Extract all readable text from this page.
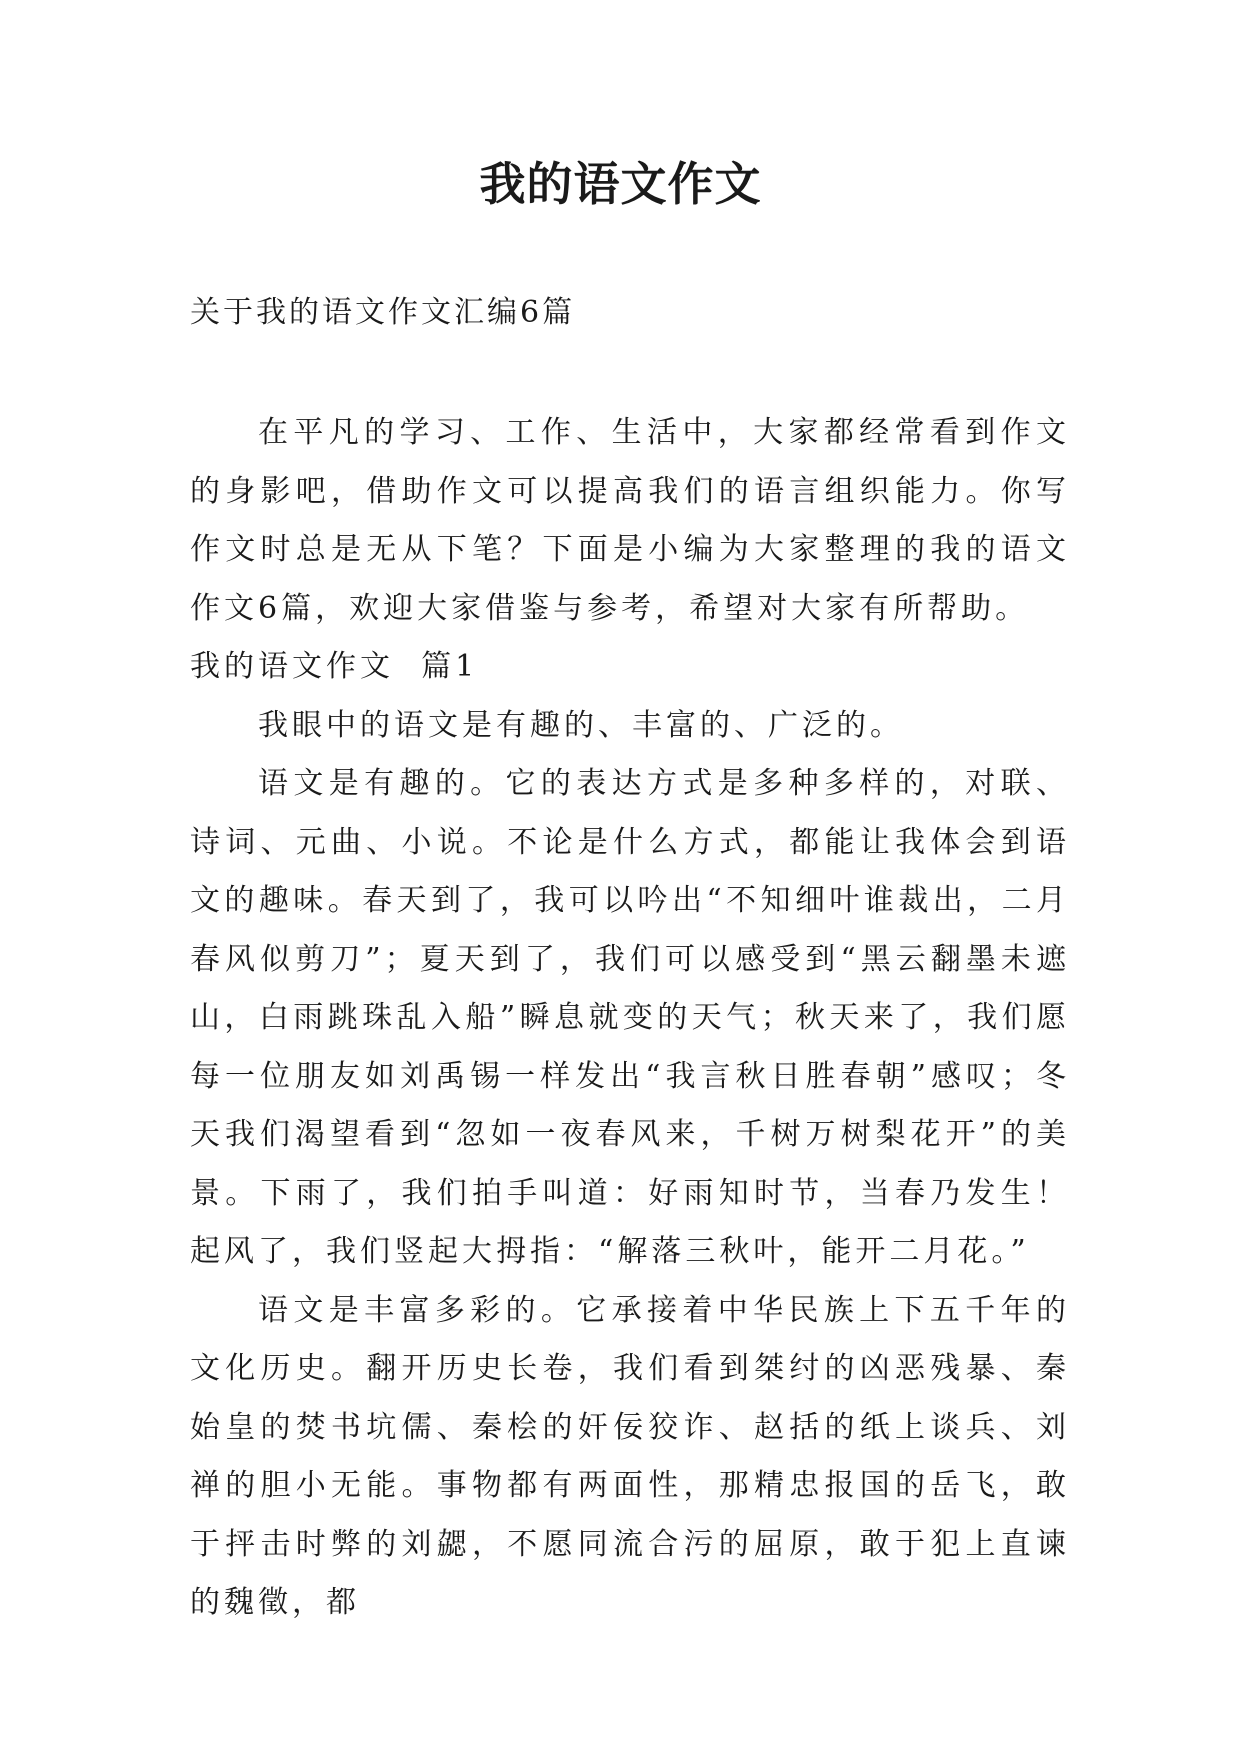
我的语文作文
关于我的语文作文汇编6篇

在平凡的学习、工作、生活中，大家都经常看到作文的身影吧，借助作文可以提高我们的语言组织能力。你写作文时总是无从下笔？下面是小编为大家整理的我的语文作文6篇，欢迎大家借鉴与参考，希望对大家有所帮助。

我的语文作文  篇1

我眼中的语文是有趣的、丰富的、广泛的。

语文是有趣的。它的表达方式是多种多样的，对联、诗词、元曲、小说。不论是什么方式，都能让我体会到语文的趣味。春天到了，我可以吟出“不知细叶谁裁出，二月春风似剪刀”；夏天到了，我们可以感受到“黑云翻墨未遮山，白雨跳珠乱入船”瞬息就变的天气；秋天来了，我们愿每一位朋友如刘禹锡一样发出“我言秋日胜春朝”感叹；冬天我们渴望看到“忽如一夜春风来，千树万树梨花开”的美景。下雨了，我们拍手叫道：好雨知时节，当春乃发生！起风了，我们竖起大拇指：“解落三秋叶，能开二月花。”

语文是丰富多彩的。它承接着中华民族上下五千年的文化历史。翻开历史长卷，我们看到桀纣的凶恶残暴、秦始皇的焚书坑儒、秦桧的奸佞狡诈、赵括的纸上谈兵、刘禅的胆小无能。事物都有两面性，那精忠报国的岳飞，敢于抨击时弊的刘勰，不愿同流合污的屈原，敢于犯上直谏的魏徵，都
